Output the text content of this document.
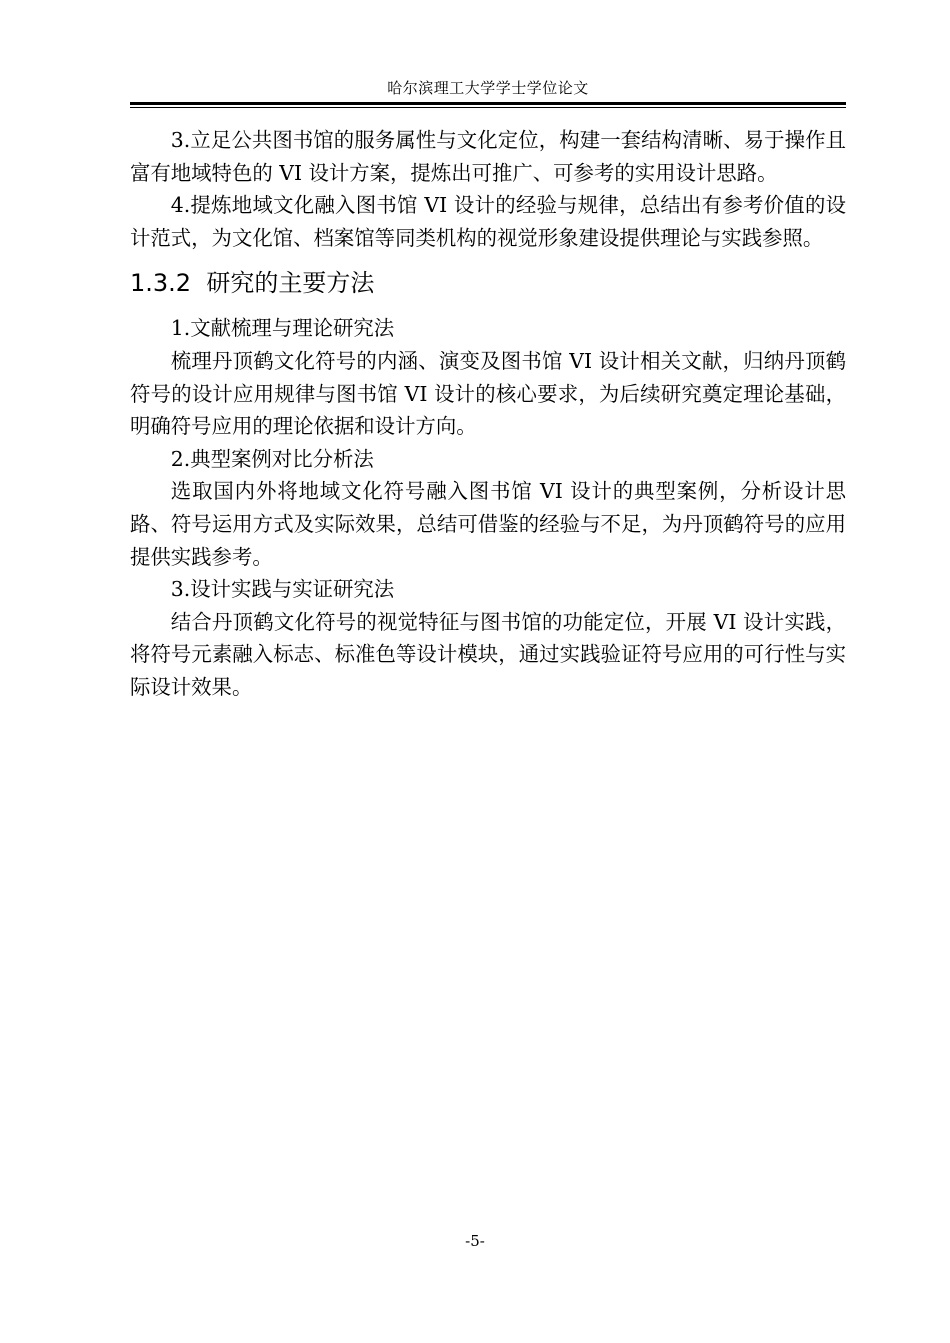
哈尔滨理工大学学士学位论文

3.立足公共图书馆的服务属性与文化定位，构建一套结构清晰、易于操作且富有地域特色的 VI 设计方案，提炼出可推广、可参考的实用设计思路。

4.提炼地域文化融入图书馆 VI 设计的经验与规律，总结出有参考价值的设计范式，为文化馆、档案馆等同类机构的视觉形象建设提供理论与实践参照。

1.3.2 研究的主要方法

1.文献梳理与理论研究法

梳理丹顶鹤文化符号的内涵、演变及图书馆 VI 设计相关文献，归纳丹顶鹤符号的设计应用规律与图书馆 VI 设计的核心要求，为后续研究奠定理论基础，明确符号应用的理论依据和设计方向。

2.典型案例对比分析法

选取国内外将地域文化符号融入图书馆 VI 设计的典型案例，分析设计思路、符号运用方式及实际效果，总结可借鉴的经验与不足，为丹顶鹤符号的应用提供实践参考。

3.设计实践与实证研究法

结合丹顶鹤文化符号的视觉特征与图书馆的功能定位，开展 VI 设计实践，将符号元素融入标志、标准色等设计模块，通过实践验证符号应用的可行性与实际设计效果。

-5-
